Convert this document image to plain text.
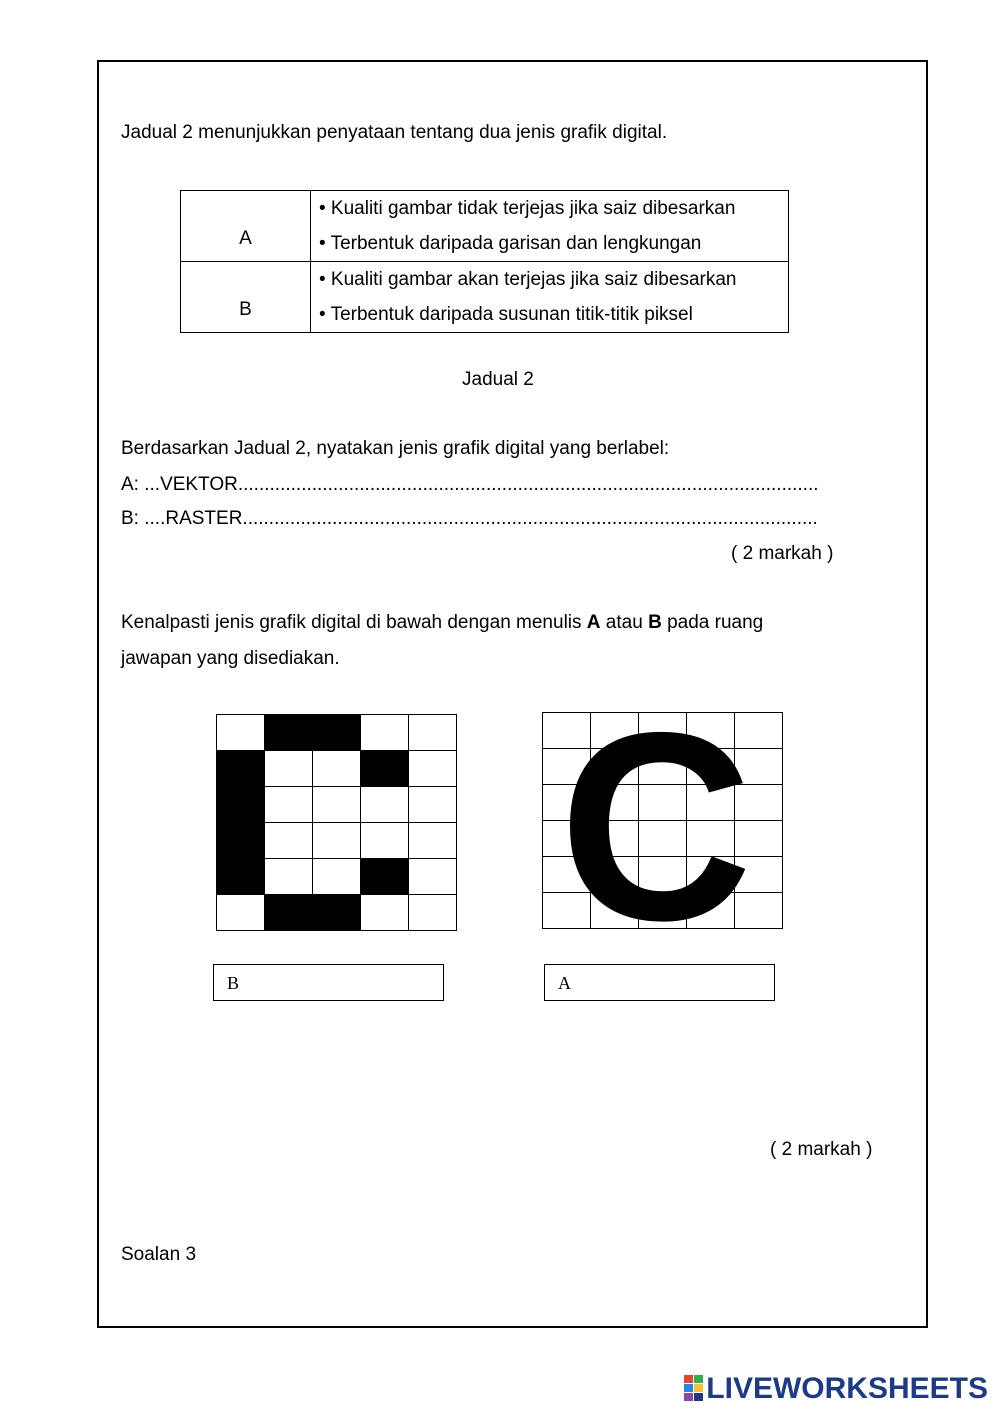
Jadual 2 menunjukkan penyataan tentang dua jenis grafik digital.
A	• Kualiti gambar tidak terjejas jika saiz dibesarkan
• Terbentuk daripada garisan dan lengkungan

B	• Kualiti gambar akan terjejas jika saiz dibesarkan
• Terbentuk daripada susunan titik-titik piksel
Jadual 2
Berdasarkan Jadual 2, nyatakan jenis grafik digital yang berlabel:
A: ...VEKTOR..............................................................................................................
B: ....RASTER.............................................................................................................
( 2 markah )
Kenalpasti jenis grafik digital di bawah dengan menulis A atau B pada ruang
jawapan yang disediakan.

C
B	A
( 2 markah )
Soalan 3
LIVEWORKSHEETS
